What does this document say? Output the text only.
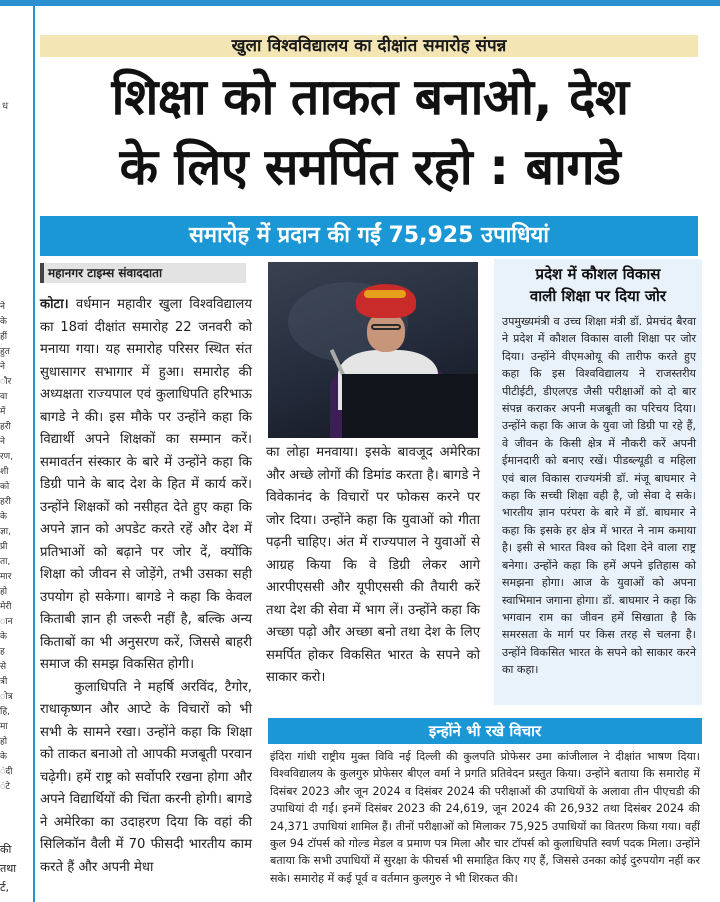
ध
ने
के
हीं
हुत
ने
ौर
वा
में
हरी
ने
रण,
शी
को
हरी
के
ज्ञा,
प्री
ता,
मार
हो
मेरी
ान
के
ह
से
त्री
ोत्र
हि,
मा
हो
के
ंदी
ंटे
की
तथा
र्ट,
खुला विश्वविद्यालय का दीक्षांत समारोह संपन्न
शिक्षा को ताकत बनाओ, देश
के लिए समर्पित रहो : बागडे
समारोह में प्रदान की गईं 75,925 उपाधियां
महानगर टाइम्स संवाददाता

कोटा। वर्धमान महावीर खुला विश्वविद्यालय का 18वां दीक्षांत समारोह 22 जनवरी को मनाया गया। यह समारोह परिसर स्थित संत सुधासागर सभागार में हुआ। समारोह की अध्यक्षता राज्यपाल एवं कुलाधिपति हरिभाऊ बागडे ने की। इस मौके पर उन्होंने कहा कि विद्यार्थी अपने शिक्षकों का सम्मान करें। समावर्तन संस्कार के बारे में उन्होंने कहा कि डिग्री पाने के बाद देश के हित में कार्य करें। उन्होंने शिक्षकों को नसीहत देते हुए कहा कि अपने ज्ञान को अपडेट करते रहें और देश में प्रतिभाओं को बढ़ाने पर जोर दें, क्योंकि शिक्षा को जीवन से जोड़ेंगे, तभी उसका सही उपयोग हो सकेगा। बागडे ने कहा कि केवल किताबी ज्ञान ही जरूरी नहीं है, बल्कि अन्य किताबों का भी अनुसरण करें, जिससे बाहरी समाज की समझ विकसित होगी।

कुलाधिपति ने महर्षि अरविंद, टैगोर, राधाकृष्णन और आप्टे के विचारों को भी सभी के सामने रखा। उन्होंने कहा कि शिक्षा को ताकत बनाओ तो आपकी मजबूती परवान चढ़ेगी। हमें राष्ट्र को सर्वोपरि रखना होगा और अपने विद्यार्थियों की चिंता करनी होगी। बागडे ने अमेरिका का उदाहरण दिया कि वहां की सिलिकॉन वैली में 70 फीसदी भारतीय काम करते हैं और अपनी मेधा

का लोहा मनवाया। इसके बावजूद अमेरिका और अच्छे लोगों की डिमांड करता है। बागडे ने विवेकानंद के विचारों पर फोकस करने पर जोर दिया। उन्होंने कहा कि युवाओं को गीता पढ़नी चाहिए। अंत में राज्यपाल ने युवाओं से आग्रह किया कि वे डिग्री लेकर आगे आरपीएससी और यूपीएससी की तैयारी करें तथा देश की सेवा में भाग लें। उन्होंने कहा कि अच्छा पढ़ो और अच्छा बनो तथा देश के लिए समर्पित होकर विकसित भारत के सपने को साकार करो।

प्रदेश में कौशल विकास
वाली शिक्षा पर दिया जोर
उपमुख्यमंत्री व उच्च शिक्षा मंत्री डॉ. प्रेमचंद बैरवा ने प्रदेश में कौशल विकास वाली शिक्षा पर जोर दिया। उन्होंने वीएमओयू की तारीफ करते हुए कहा कि इस विश्वविद्यालय ने राजस्तरीय पीटीईटी, डीएलएड जैसी परीक्षाओं को दो बार संपन्न कराकर अपनी मजबूती का परिचय दिया। उन्होंने कहा कि आज के युवा जो डिग्री पा रहे हैं, वे जीवन के किसी क्षेत्र में नौकरी करें अपनी ईमानदारी को बनाए रखें। पीडब्ल्यूडी व महिला एवं बाल विकास राज्यमंत्री डॉ. मंजू बाघमार ने कहा कि सच्ची शिक्षा वही है, जो सेवा दे सके। भारतीय ज्ञान परंपरा के बारे में डॉ. बाघमार ने कहा कि इसके हर क्षेत्र में भारत ने नाम कमाया है। इसी से भारत विश्व को दिशा देने वाला राष्ट्र बनेगा। उन्होंने कहा कि हमें अपने इतिहास को समझना होगा। आज के युवाओं को अपना स्वाभिमान जगाना होगा। डॉ. बाघमार ने कहा कि भगवान राम का जीवन हमें सिखाता है कि समरसता के मार्ग पर किस तरह से चलना है। उन्होंने विकसित भारत के सपने को साकार करने का कहा।
इन्होंने भी रखे विचार
इंदिरा गांधी राष्ट्रीय मुक्त विवि नई दिल्ली की कुलपति प्रोफेसर उमा कांजीलाल ने दीक्षांत भाषण दिया। विश्वविद्यालय के कुलगुरु प्रोफेसर बीएल वर्मा ने प्रगति प्रतिवेदन प्रस्तुत किया। उन्होंने बताया कि समारोह में दिसंबर 2023 और जून 2024 व दिसंबर 2024 की परीक्षाओं की उपाधियों के अलावा तीन पीएचडी की उपाधियां दी गईं। इनमें दिसंबर 2023 की 24,619, जून 2024 की 26,932 तथा दिसंबर 2024 की 24,371 उपाधियां शामिल हैं। तीनों परीक्षाओं को मिलाकर 75,925 उपाधियों का वितरण किया गया। वहीं कुल 94 टॉपर्स को गोल्ड मेडल व प्रमाण पत्र मिला और चार टॉपर्स को कुलाधिपति स्वर्ण पदक मिला। उन्होंने बताया कि सभी उपाधियों में सुरक्षा के फीचर्स भी समाहित किए गए हैं, जिससे उनका कोई दुरुपयोग नहीं कर सके। समारोह में कई पूर्व व वर्तमान कुलगुरु ने भी शिरकत की।
